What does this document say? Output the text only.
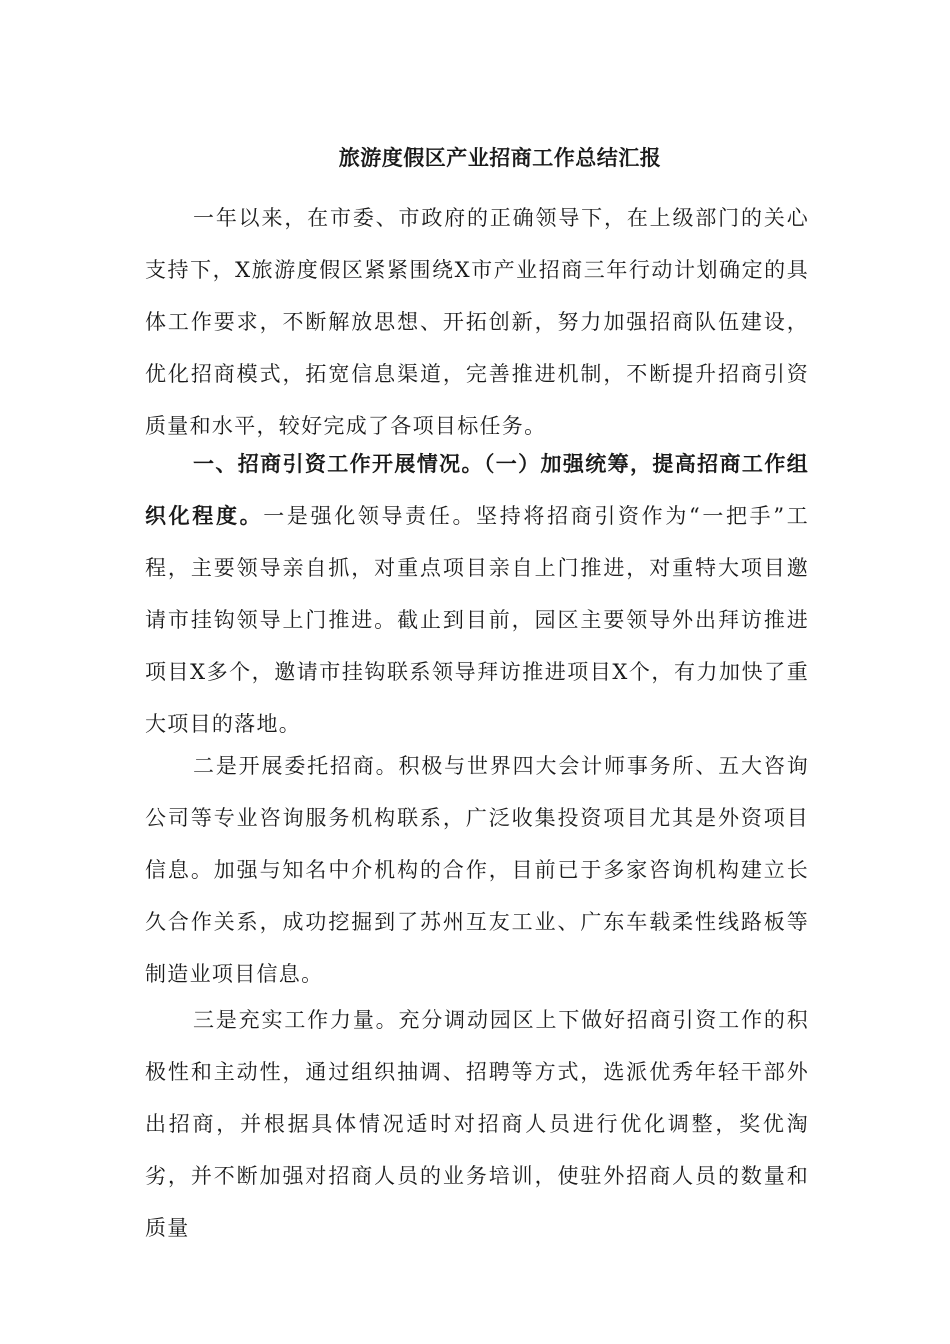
旅游度假区产业招商工作总结汇报
一年以来，在市委、市政府的正确领导下，在上级部门的关心支持下，X旅游度假区紧紧围绕X市产业招商三年行动计划确定的具体工作要求，不断解放思想、开拓创新，努力加强招商队伍建设，优化招商模式，拓宽信息渠道，完善推进机制，不断提升招商引资质量和水平，较好完成了各项目标任务。
一、招商引资工作开展情况。（一）加强统筹，提高招商工作组织化程度。一是强化领导责任。坚持将招商引资作为“一把手”工程，主要领导亲自抓，对重点项目亲自上门推进，对重特大项目邀请市挂钩领导上门推进。截止到目前，园区主要领导外出拜访推进项目X多个，邀请市挂钩联系领导拜访推进项目X个，有力加快了重大项目的落地。
二是开展委托招商。积极与世界四大会计师事务所、五大咨询公司等专业咨询服务机构联系，广泛收集投资项目尤其是外资项目信息。加强与知名中介机构的合作，目前已于多家咨询机构建立长久合作关系，成功挖掘到了苏州互友工业、广东车载柔性线路板等制造业项目信息。
三是充实工作力量。充分调动园区上下做好招商引资工作的积极性和主动性，通过组织抽调、招聘等方式，选派优秀年轻干部外出招商，并根据具体情况适时对招商人员进行优化调整，奖优淘劣，并不断加强对招商人员的业务培训，使驻外招商人员的数量和质量
